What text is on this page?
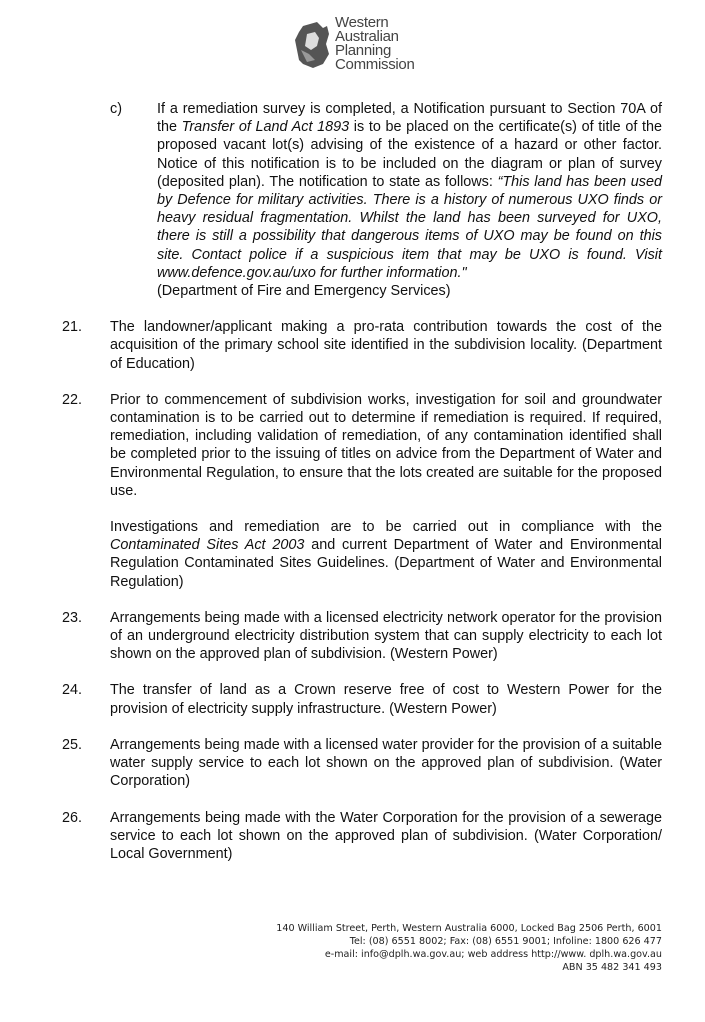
Western
Australian
Planning
Commission
c) If a remediation survey is completed, a Notification pursuant to Section 70A of the Transfer of Land Act 1893 is to be placed on the certificate(s) of title of the proposed vacant lot(s) advising of the existence of a hazard or other factor. Notice of this notification is to be included on the diagram or plan of survey (deposited plan). The notification to state as follows: “This land has been used by Defence for military activities. There is a history of numerous UXO finds or heavy residual fragmentation. Whilst the land has been surveyed for UXO, there is still a possibility that dangerous items of UXO may be found on this site. Contact police if a suspicious item that may be UXO is found. Visit www.defence.gov.au/uxo for further information."
(Department of Fire and Emergency Services)
21. The landowner/applicant making a pro-rata contribution towards the cost of the acquisition of the primary school site identified in the subdivision locality. (Department of Education)
22. Prior to commencement of subdivision works, investigation for soil and groundwater contamination is to be carried out to determine if remediation is required. If required, remediation, including validation of remediation, of any contamination identified shall be completed prior to the issuing of titles on advice from the Department of Water and Environmental Regulation, to ensure that the lots created are suitable for the proposed use.
Investigations and remediation are to be carried out in compliance with the Contaminated Sites Act 2003 and current Department of Water and Environmental Regulation Contaminated Sites Guidelines. (Department of Water and Environmental Regulation)
23. Arrangements being made with a licensed electricity network operator for the provision of an underground electricity distribution system that can supply electricity to each lot shown on the approved plan of subdivision. (Western Power)
24. The transfer of land as a Crown reserve free of cost to Western Power for the provision of electricity supply infrastructure. (Western Power)
25. Arrangements being made with a licensed water provider for the provision of a suitable water supply service to each lot shown on the approved plan of subdivision. (Water Corporation)
26. Arrangements being made with the Water Corporation for the provision of a sewerage service to each lot shown on the approved plan of subdivision. (Water Corporation/ Local Government)
140 William Street, Perth, Western Australia 6000, Locked Bag 2506 Perth, 6001
Tel: (08) 6551 8002; Fax: (08) 6551 9001; Infoline: 1800 626 477
e-mail: info@dplh.wa.gov.au; web address http://www. dplh.wa.gov.au
ABN 35 482 341 493
